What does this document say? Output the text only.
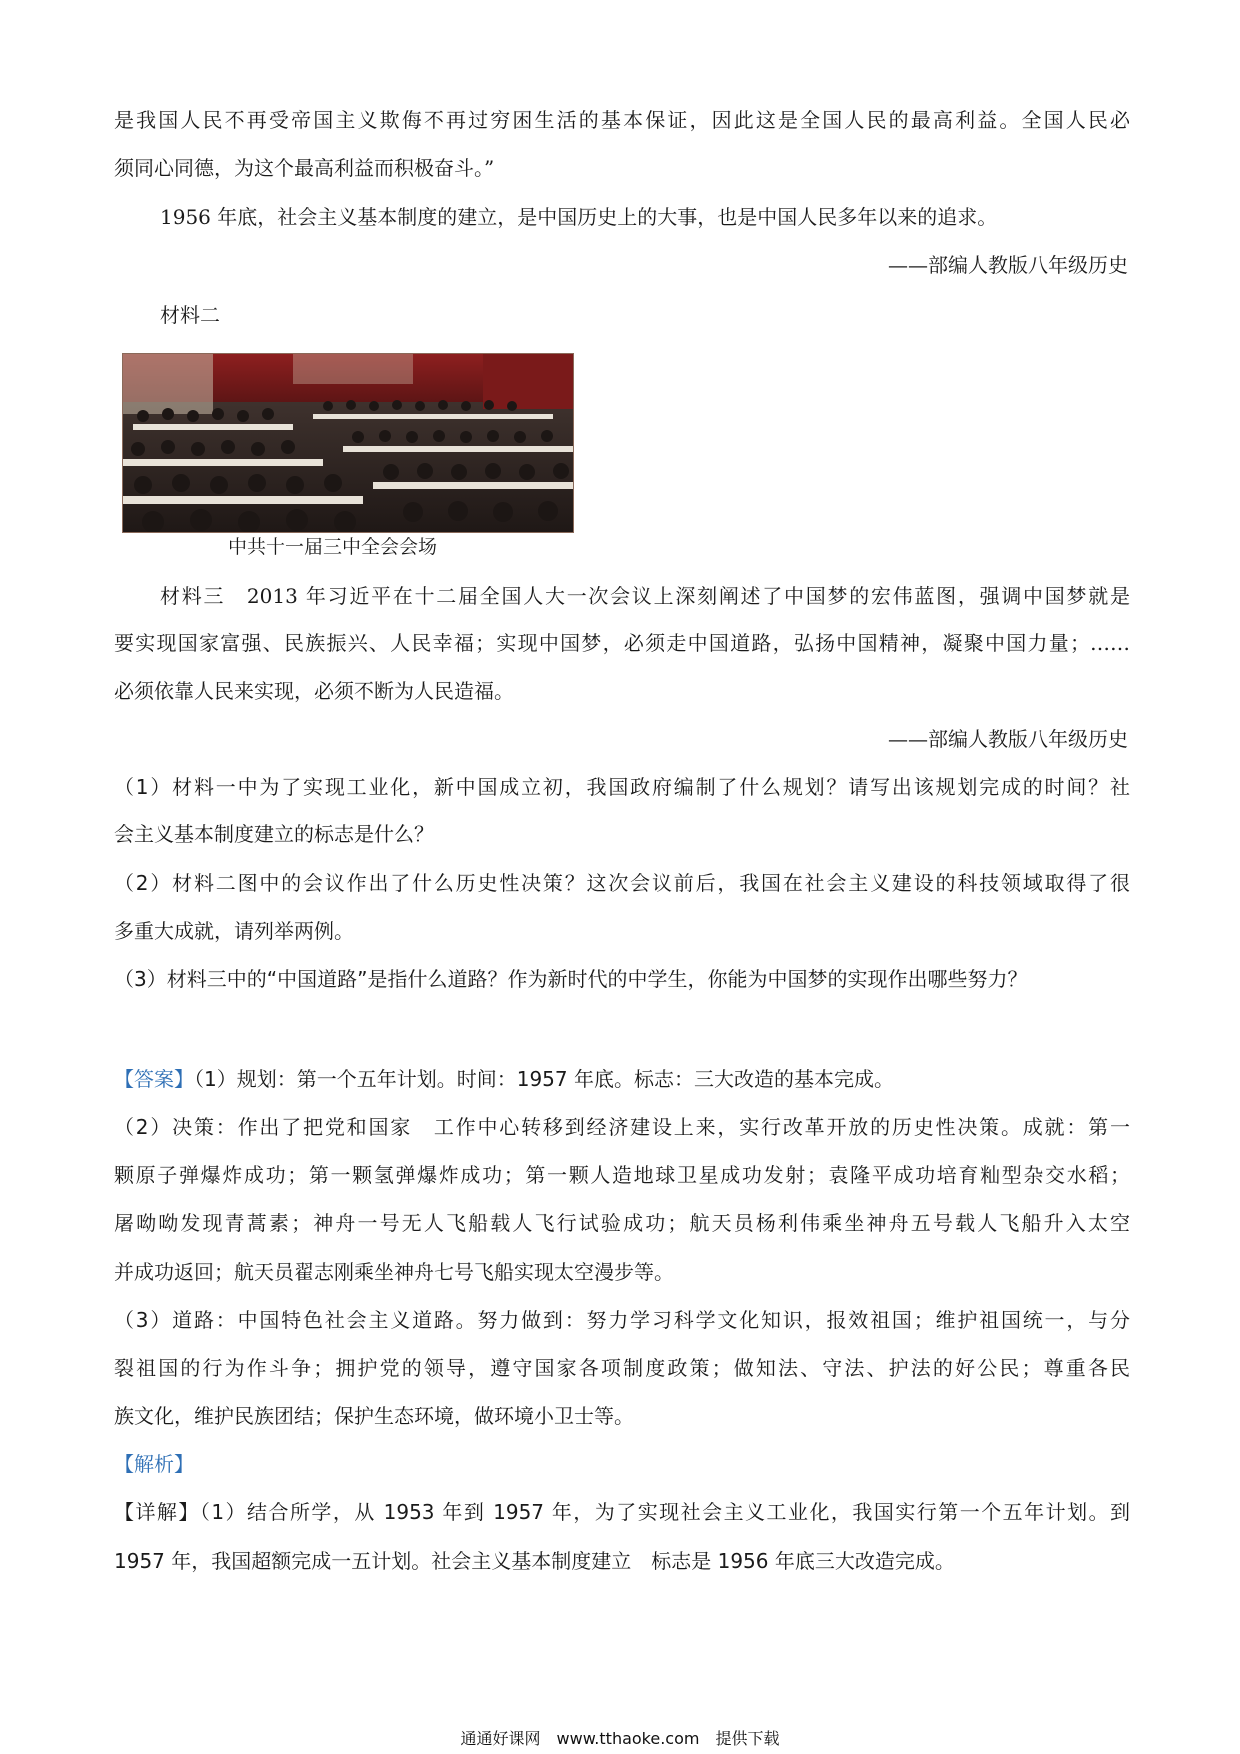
是我国人民不再受帝国主义欺侮不再过穷困生活的基本保证，因此这是全国人民的最高利益。全国人民必
须同心同德，为这个最高利益而积极奋斗。”
1956 年底，社会主义基本制度的建立，是中国历史上的大事，也是中国人民多年以来的追求。
——部编人教版八年级历史
材料二
中共十一届三中全会会场
材料三　2013 年习近平在十二届全国人大一次会议上深刻阐述了中国梦的宏伟蓝图，强调中国梦就是
要实现国家富强、民族振兴、人民幸福；实现中国梦，必须走中国道路，弘扬中国精神，凝聚中国力量；……
必须依靠人民来实现，必须不断为人民造福。
——部编人教版八年级历史
（1）材料一中为了实现工业化，新中国成立初，我国政府编制了什么规划？请写出该规划完成的时间？社
会主义基本制度建立的标志是什么？
（2）材料二图中的会议作出了什么历史性决策？这次会议前后，我国在社会主义建设的科技领域取得了很
多重大成就，请列举两例。
（3）材料三中的“中国道路”是指什么道路？作为新时代的中学生，你能为中国梦的实现作出哪些努力？
【答案】（1）规划：第一个五年计划。时间：1957 年底。标志：三大改造的基本完成。
（2）决策：作出了把党和国家　工作中心转移到经济建设上来，实行改革开放的历史性决策。成就：第一
颗原子弹爆炸成功；第一颗氢弹爆炸成功；第一颗人造地球卫星成功发射；袁隆平成功培育籼型杂交水稻；
屠呦呦发现青蒿素；神舟一号无人飞船载人飞行试验成功；航天员杨利伟乘坐神舟五号载人飞船升入太空
并成功返回；航天员翟志刚乘坐神舟七号飞船实现太空漫步等。
（3）道路：中国特色社会主义道路。努力做到：努力学习科学文化知识，报效祖国；维护祖国统一，与分
裂祖国的行为作斗争；拥护党的领导，遵守国家各项制度政策；做知法、守法、护法的好公民；尊重各民
族文化，维护民族团结；保护生态环境，做环境小卫士等。
【解析】
【详解】（1）结合所学，从 1953 年到 1957 年，为了实现社会主义工业化，我国实行第一个五年计划。到
1957 年，我国超额完成一五计划。社会主义基本制度建立　标志是 1956 年底三大改造完成。
通通好课网　www.tthaoke.com　提供下载
